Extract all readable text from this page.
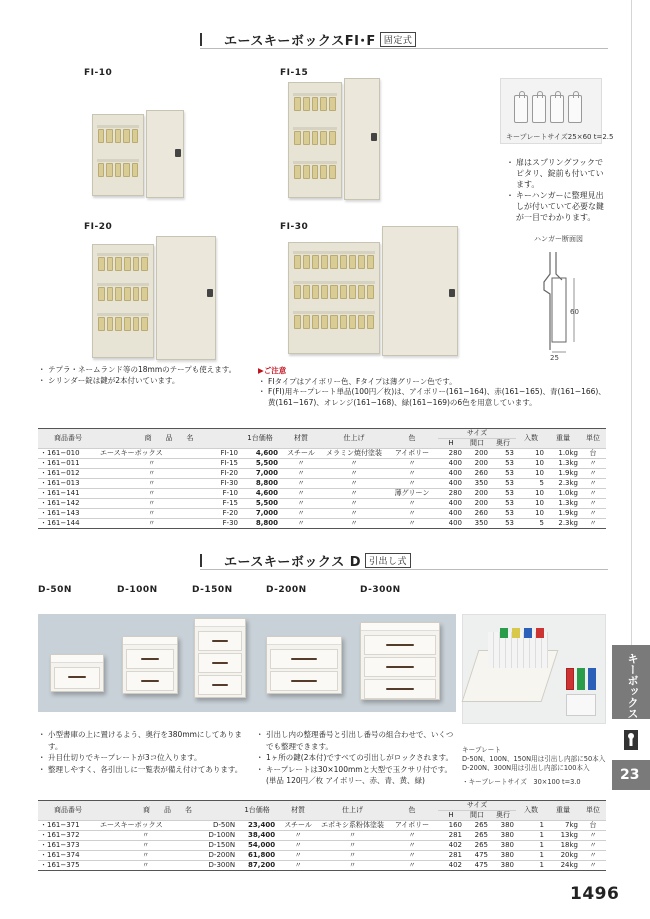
エースキーボックスFI･F 固定式
FI-10	FI-15
FI-20	FI-30
キープレートサイズ25×60 t=2.5
・ 扉はスプリングフックでピタリ、錠前も付いています。
・ キーハンガーに整理見出しが付いていて必要な鍵が一目でわかります。
ハンガー断面図
60
25
・ テプラ・ネームランド等の18mmのテープも使えます。
・ シリンダー錠は鍵が2本付いています。
▶ご注意
・ FIタイプはアイボリー色、Fタイプは薄グリーン色です。
・ F(FI)用キープレート単品(100円／枚)は、アイボリー(161−164)、赤(161−165)、青(161−166)、黄(161−167)、オレンジ(161−168)、緑(161−169)の6色を用意しています。
商品番号	商　　品　　名		1台価格	材質	仕上げ	色	サイズ			入数	重量	単位
							H	間口	奥行			
・161−010	エースキーボックス	FI-10	4,600	スチール	メラミン焼付塗装	アイボリー	280	200	53	10	1.0kg	台
・161−011	〃	FI-15	5,500	〃	〃	〃	400	200	53	10	1.3kg	〃
・161−012	〃	FI-20	7,000	〃	〃	〃	400	260	53	10	1.9kg	〃
・161−013	〃	FI-30	8,800	〃	〃	〃	400	350	53	5	2.3kg	〃
・161−141	〃	F-10	4,600	〃	〃	薄グリーン	280	200	53	10	1.0kg	〃
・161−142	〃	F-15	5,500	〃	〃	〃	400	200	53	10	1.3kg	〃
・161−143	〃	F-20	7,000	〃	〃	〃	400	260	53	10	1.9kg	〃
・161−144	〃	F-30	8,800	〃	〃	〃	400	350	53	5	2.3kg	〃
エースキーボックス D 引出し式
D-50N	D-100N	D-150N	D-200N	D-300N
・ 小型書庫の上に置けるよう、奥行を380mmにしてあります。
・ 升目仕切りでキープレートが3コ位入ります。
・ 整理しやすく、各引出しに一覧表が備え付けてあります。
・ 引出し内の整理番号と引出し番号の組合わせで、いくつでも整理できます。
・ 1ヶ所の鍵(2本付)ですべての引出しがロックされます。
・ キープレートは30×100mmと大型で玉クサリ付です。(単品 120円／枚 アイボリー、赤、青、黄、緑)
キープレート
D-50N、100N、150N用は引出し内部に50本入
D-200N、300N用は引出し内部に100本入
・キープレートサイズ　30×100 t=3.0
商品番号	商　　品　　名		1台価格	材質	仕上げ	色	サイズ			入数	重量	単位
							H	間口	奥行			
・161−371	エースキーボックス	D-50N	23,400	スチール	エポキシ系粉体塗装	アイボリー	160	265	380	1	7kg	台
・161−372	〃	D-100N	38,400	〃	〃	〃	281	265	380	1	13kg	〃
・161−373	〃	D-150N	54,000	〃	〃	〃	402	265	380	1	18kg	〃
・161−374	〃	D-200N	61,800	〃	〃	〃	281	475	380	1	20kg	〃
・161−375	〃	D-300N	87,200	〃	〃	〃	402	475	380	1	24kg	〃
キーボックス
23
1496
